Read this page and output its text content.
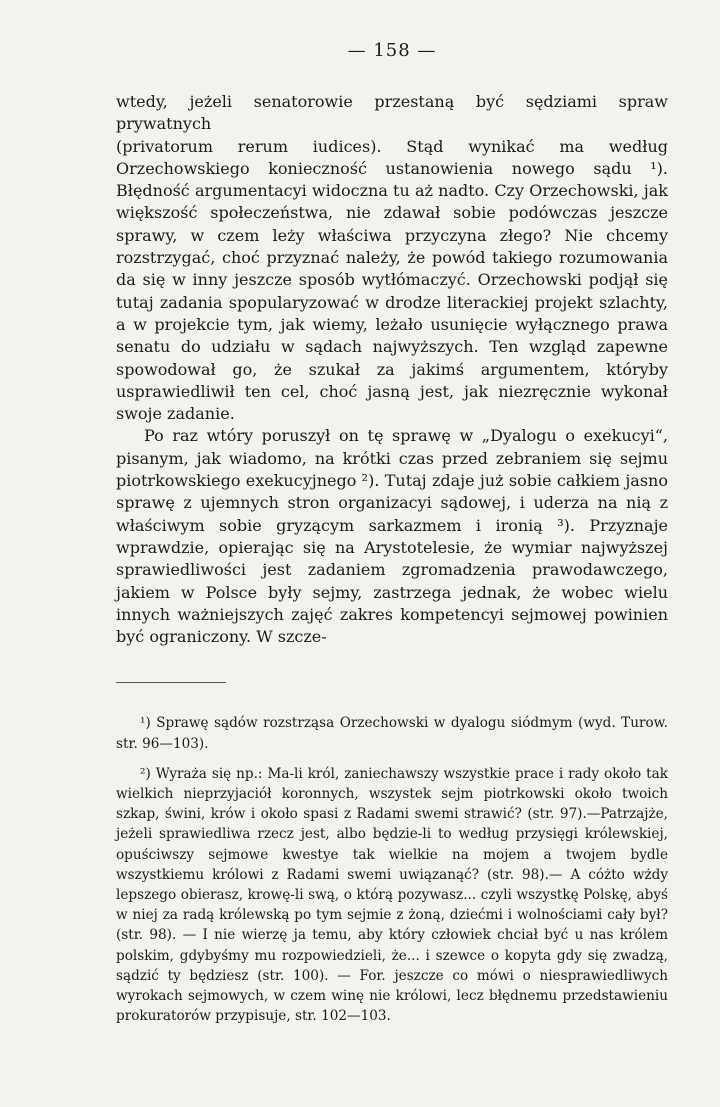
— 158 —

wtedy, jeżeli senatorowie przestaną być sędziami spraw prywatnych

(privatorum rerum iudices). Stąd wynikać ma według Orzechowskiego konieczność ustanowienia nowego sądu ¹). Błędność argumentacyi widoczna tu aż nadto. Czy Orzechowski, jak większość społeczeństwa, nie zdawał sobie podówczas jeszcze sprawy, w czem leży właściwa przyczyna złego? Nie chcemy rozstrzygać, choć przyznać należy, że powód takiego rozumowania da się w inny jeszcze sposób wytłómaczyć. Orzechowski podjął się tutaj zadania spopularyzować w drodze literackiej projekt szlachty, a w projekcie tym, jak wiemy, leżało usunięcie wyłącznego prawa senatu do udziału w sądach najwyższych. Ten wzgląd zapewne spowodował go, że szukał za jakimś argumentem, któryby usprawiedliwił ten cel, choć jasną jest, jak niezręcznie wykonał swoje zadanie.

Po raz wtóry poruszył on tę sprawę w „Dyalogu o exekucyi“, pisanym, jak wiadomo, na krótki czas przed zebraniem się sejmu piotrkowskiego exekucyjnego ²). Tutaj zdaje już sobie całkiem jasno sprawę z ujemnych stron organizacyi sądowej, i uderza na nią z właściwym sobie gryzącym sarkazmem i ironią ³). Przyznaje wprawdzie, opierając się na Arystotelesie, że wymiar najwyższej sprawiedliwości jest zadaniem zgromadzenia prawodawczego, jakiem w Polsce były sejmy, zastrzega jednak, że wobec wielu innych ważniejszych zajęć zakres kompetencyi sejmowej powinien być ograniczony. W szcze-

¹) Sprawę sądów rozstrząsa Orzechowski w dyalogu siódmym (wyd. Turow. str. 96—103).

²) Wyraża się np.: Ma-li król, zaniechawszy wszystkie prace i rady około tak wielkich nieprzyjaciół koronnych, wszystek sejm piotrkowski około twoich szkap, świni, krów i około spasi z Radami swemi strawić? (str. 97).—Patrzajże, jeżeli sprawiedliwa rzecz jest, albo będzie-li to według przysięgi królewskiej, opuściwszy sejmowe kwestye tak wielkie na mojem a twojem bydle wszystkiemu królowi z Radami swemi uwiązanąć? (str. 98).— A cóżto wżdy lepszego obierasz, krowę-li swą, o którą pozywasz... czyli wszystkę Polskę, abyś w niej za radą królewską po tym sejmie z żoną, dziećmi i wolnościami cały był? (str. 98). — I nie wierzę ja temu, aby który człowiek chciał być u nas królem polskim, gdybyśmy mu rozpowiedzieli, że... i szewce o kopyta gdy się zwadzą, sądzić ty będziesz (str. 100). — For. jeszcze co mówi o niesprawiedliwych wyrokach sejmowych, w czem winę nie królowi, lecz błędnemu przedstawieniu prokuratorów przypisuje, str. 102—103.
